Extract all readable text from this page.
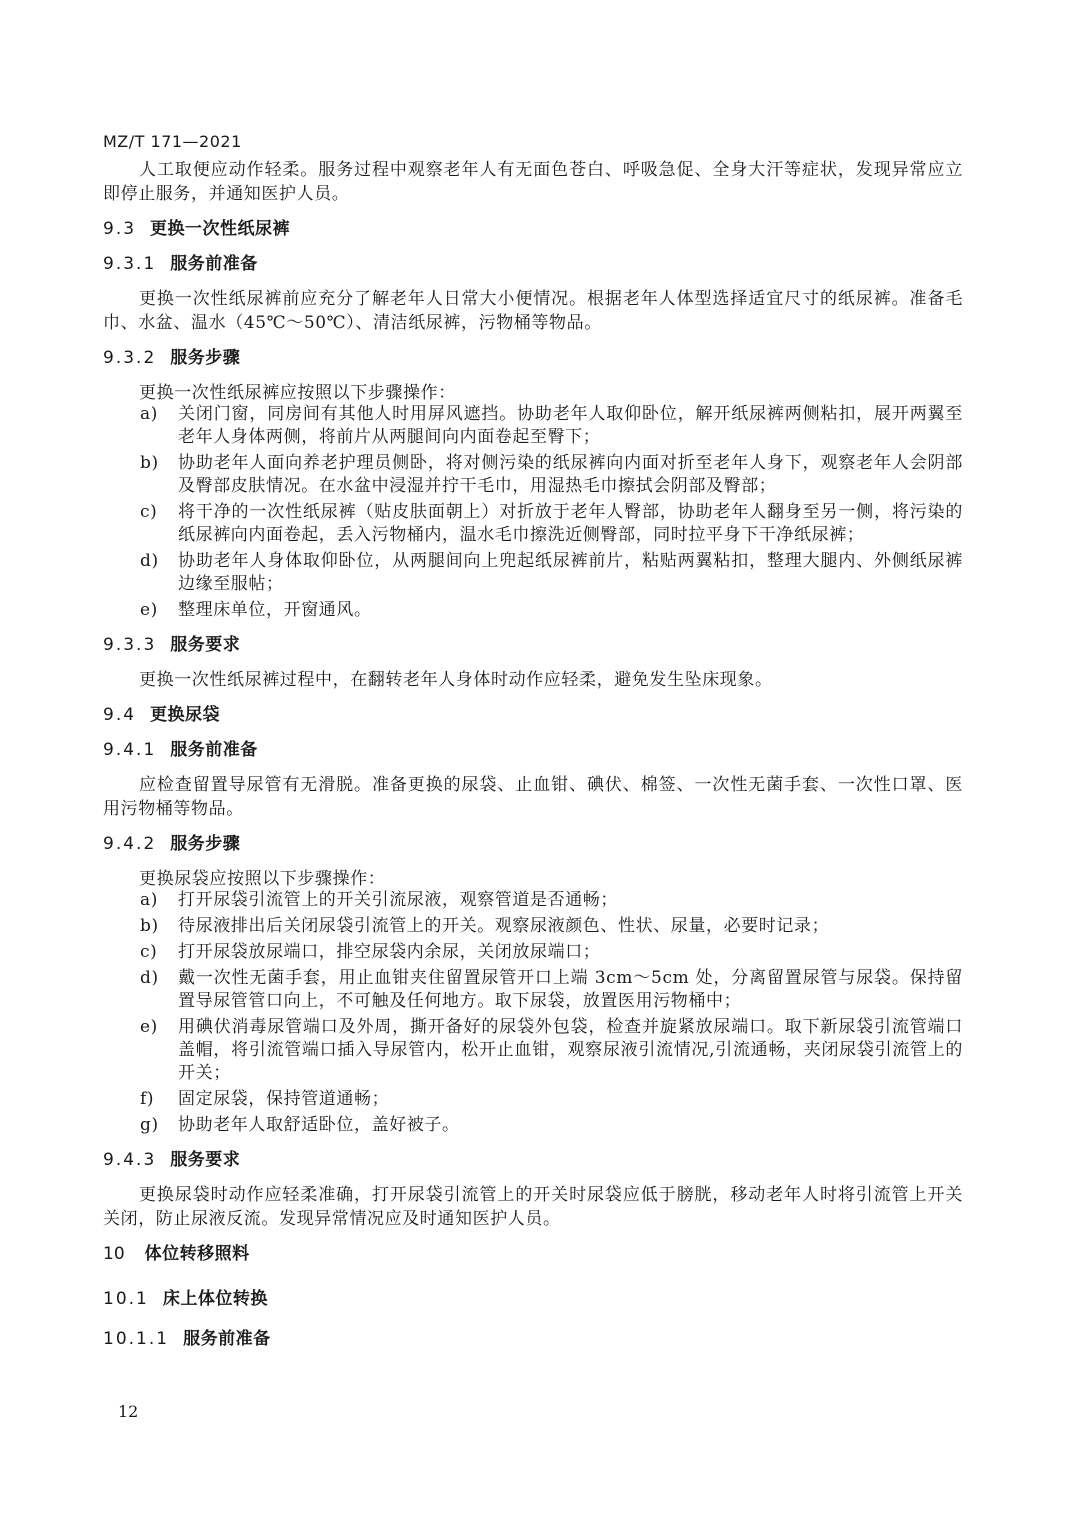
MZ/T 171—2021

人工取便应动作轻柔。服务过程中观察老年人有无面色苍白、呼吸急促、全身大汗等症状，发现异常应立即停止服务，并通知医护人员。

9.3 更换一次性纸尿裤
9.3.1 服务前准备

更换一次性纸尿裤前应充分了解老年人日常大小便情况。根据老年人体型选择适宜尺寸的纸尿裤。准备毛巾、水盆、温水（45℃～50℃）、清洁纸尿裤，污物桶等物品。

9.3.2 服务步骤

更换一次性纸尿裤应按照以下步骤操作：

a)	关闭门窗，同房间有其他人时用屏风遮挡。协助老年人取仰卧位，解开纸尿裤两侧粘扣，展开两翼至老年人身体两侧，将前片从两腿间向内面卷起至臀下；
b)	协助老年人面向养老护理员侧卧，将对侧污染的纸尿裤向内面对折至老年人身下，观察老年人会阴部及臀部皮肤情况。在水盆中浸湿并拧干毛巾，用湿热毛巾擦拭会阴部及臀部；
c)	将干净的一次性纸尿裤（贴皮肤面朝上）对折放于老年人臀部，协助老年人翻身至另一侧，将污染的纸尿裤向内面卷起，丢入污物桶内，温水毛巾擦洗近侧臀部，同时拉平身下干净纸尿裤；
d)	协助老年人身体取仰卧位，从两腿间向上兜起纸尿裤前片，粘贴两翼粘扣，整理大腿内、外侧纸尿裤边缘至服帖；
e)	整理床单位，开窗通风。
9.3.3 服务要求

更换一次性纸尿裤过程中，在翻转老年人身体时动作应轻柔，避免发生坠床现象。

9.4 更换尿袋
9.4.1 服务前准备

应检查留置导尿管有无滑脱。准备更换的尿袋、止血钳、碘伏、棉签、一次性无菌手套、一次性口罩、医用污物桶等物品。

9.4.2 服务步骤

更换尿袋应按照以下步骤操作：

a)	打开尿袋引流管上的开关引流尿液，观察管道是否通畅；
b)	待尿液排出后关闭尿袋引流管上的开关。观察尿液颜色、性状、尿量，必要时记录；
c)	打开尿袋放尿端口，排空尿袋内余尿，关闭放尿端口；
d)	戴一次性无菌手套，用止血钳夹住留置尿管开口上端 3cm～5cm 处，分离留置尿管与尿袋。保持留置导尿管管口向上，不可触及任何地方。取下尿袋，放置医用污物桶中；
e)	用碘伏消毒尿管端口及外周，撕开备好的尿袋外包袋，检查并旋紧放尿端口。取下新尿袋引流管端口盖帽，将引流管端口插入导尿管内，松开止血钳，观察尿液引流情况,引流通畅，夹闭尿袋引流管上的开关；
f)	固定尿袋，保持管道通畅；
g)	协助老年人取舒适卧位，盖好被子。
9.4.3 服务要求

更换尿袋时动作应轻柔准确，打开尿袋引流管上的开关时尿袋应低于膀胱，移动老年人时将引流管上开关关闭，防止尿液反流。发现异常情况应及时通知医护人员。

10 体位转移照料
10.1 床上体位转换
10.1.1 服务前准备
12
